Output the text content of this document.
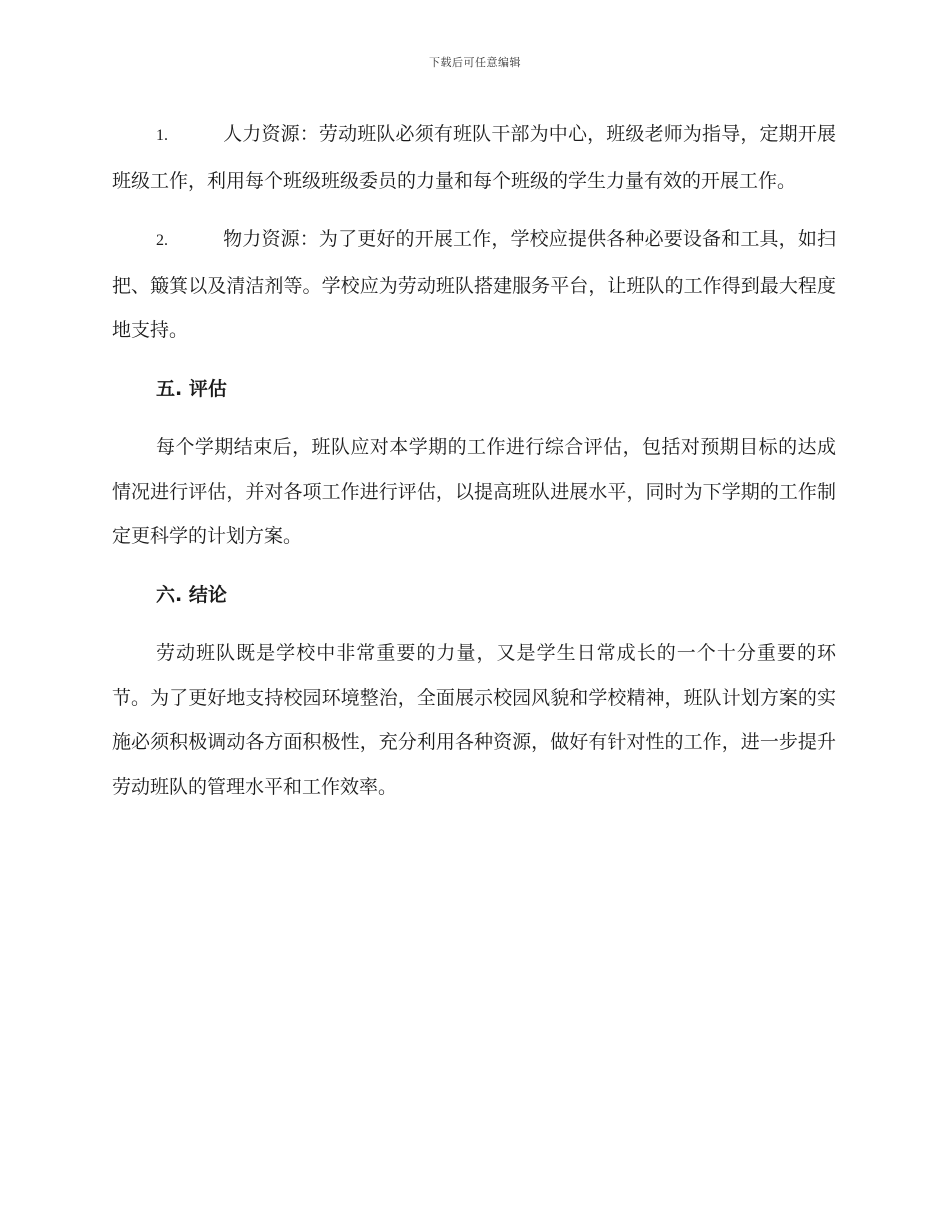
下载后可任意编辑

1.	人力资源：劳动班队必须有班队干部为中心，班级老师为指导，定期开展班级工作，利用每个班级班级委员的力量和每个班级的学生力量有效的开展工作。

2.	物力资源：为了更好的开展工作，学校应提供各种必要设备和工具，如扫把、簸箕以及清洁剂等。学校应为劳动班队搭建服务平台，让班队的工作得到最大程度地支持。

五. 评估

每个学期结束后，班队应对本学期的工作进行综合评估，包括对预期目标的达成情况进行评估，并对各项工作进行评估，以提高班队进展水平，同时为下学期的工作制定更科学的计划方案。

六. 结论

劳动班队既是学校中非常重要的力量，又是学生日常成长的一个十分重要的环节。为了更好地支持校园环境整治，全面展示校园风貌和学校精神，班队计划方案的实施必须积极调动各方面积极性，充分利用各种资源，做好有针对性的工作，进一步提升劳动班队的管理水平和工作效率。
